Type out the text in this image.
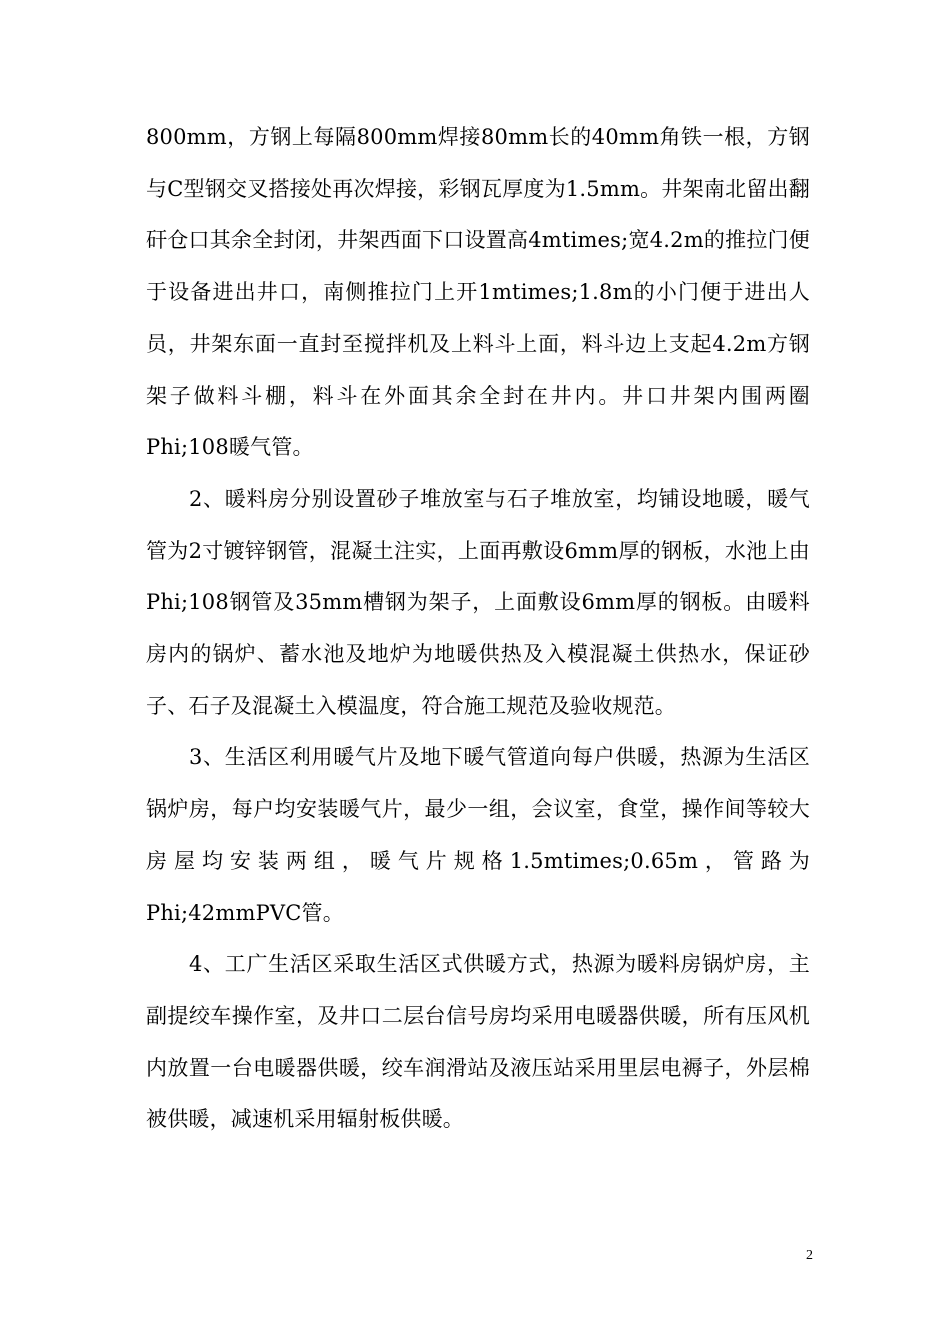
800mm，方钢上每隔800mm焊接80mm长的40mm角铁一根，方钢与C型钢交叉搭接处再次焊接，彩钢瓦厚度为1.5mm。井架南北留出翻矸仓口其余全封闭，井架西面下口设置高4mtimes;宽4.2m的推拉门便于设备进出井口，南侧推拉门上开1mtimes;1.8m的小门便于进出人员，井架东面一直封至搅拌机及上料斗上面，料斗边上支起4.2m方钢架子做料斗棚，料斗在外面其余全封在井内。井口井架内围两圈Phi;108暖气管。

2、暖料房分别设置砂子堆放室与石子堆放室，均铺设地暖，暖气管为2寸镀锌钢管，混凝土注实，上面再敷设6mm厚的钢板，水池上由Phi;108钢管及35mm槽钢为架子，上面敷设6mm厚的钢板。由暖料房内的锅炉、蓄水池及地炉为地暖供热及入模混凝土供热水，保证砂子、石子及混凝土入模温度，符合施工规范及验收规范。

3、生活区利用暖气片及地下暖气管道向每户供暖，热源为生活区锅炉房，每户均安装暖气片，最少一组，会议室，食堂，操作间等较大房屋均安装两组，暖气片规格1.5mtimes;0.65m，管路为Phi;42mmPVC管。

4、工广生活区采取生活区式供暖方式，热源为暖料房锅炉房，主副提绞车操作室，及井口二层台信号房均采用电暖器供暖，所有压风机内放置一台电暖器供暖，绞车润滑站及液压站采用里层电褥子，外层棉被供暖，减速机采用辐射板供暖。

2
